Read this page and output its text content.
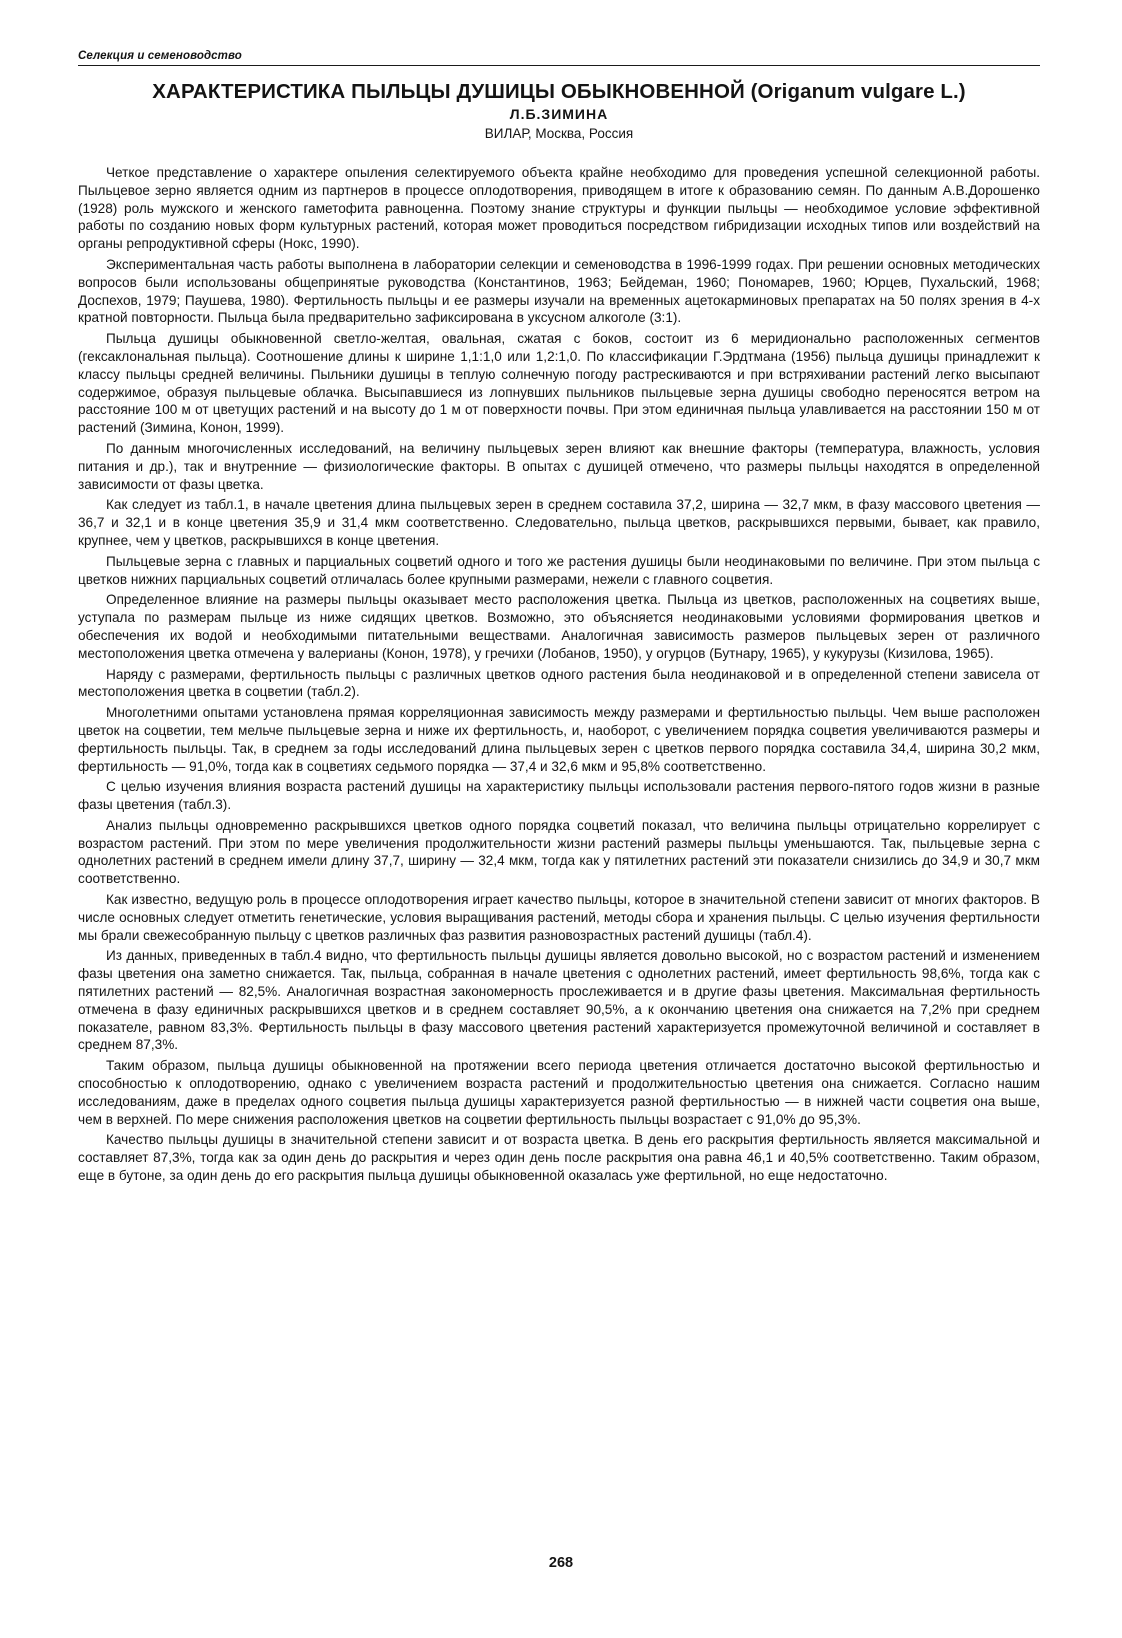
Селекция и семеноводство
ХАРАКТЕРИСТИКА ПЫЛЬЦЫ ДУШИЦЫ ОБЫКНОВЕННОЙ (Origanum vulgare L.)
Л.Б.ЗИМИНА
ВИЛАР, Москва, Россия

Четкое представление о характере опыления селектируемого объекта крайне необходимо для проведения успешной селекционной работы. Пыльцевое зерно является одним из партнеров в процессе оплодотворения, приводящем в итоге к образованию семян. По данным А.В.Дорошенко (1928) роль мужского и женского гаметофита равноценна. Поэтому знание структуры и функции пыльцы — необходимое условие эффективной работы по созданию новых форм культурных растений, которая может проводиться посредством гибридизации исходных типов или воздействий на органы репродуктивной сферы (Нокс, 1990).

Экспериментальная часть работы выполнена в лаборатории селекции и семеноводства в 1996-1999 годах. При решении основных методических вопросов были использованы общепринятые руководства (Константинов, 1963; Бейдеман, 1960; Пономарев, 1960; Юрцев, Пухальский, 1968; Доспехов, 1979; Паушева, 1980). Фертильность пыльцы и ее размеры изучали на временных ацетокарминовых препаратах на 50 полях зрения в 4-х кратной повторности. Пыльца была предварительно зафиксирована в уксусном алкоголе (3:1).

Пыльца душицы обыкновенной светло-желтая, овальная, сжатая с боков, состоит из 6 меридионально расположенных сегментов (гексаклональная пыльца). Соотношение длины к ширине 1,1:1,0 или 1,2:1,0. По классификации Г.Эрдтмана (1956) пыльца душицы принадлежит к классу пыльцы средней величины. Пыльники душицы в теплую солнечную погоду растрескиваются и при встряхивании растений легко высыпают содержимое, образуя пыльцевые облачка. Высыпавшиеся из лопнувших пыльников пыльцевые зерна душицы свободно переносятся ветром на расстояние 100 м от цветущих растений и на высоту до 1 м от поверхности почвы. При этом единичная пыльца улавливается на расстоянии 150 м от растений (Зимина, Конон, 1999).

По данным многочисленных исследований, на величину пыльцевых зерен влияют как внешние факторы (температура, влажность, условия питания и др.), так и внутренние — физиологические факторы. В опытах с душицей отмечено, что размеры пыльцы находятся в определенной зависимости от фазы цветка.

Как следует из табл.1, в начале цветения длина пыльцевых зерен в среднем составила 37,2, ширина — 32,7 мкм, в фазу массового цветения — 36,7 и 32,1 и в конце цветения 35,9 и 31,4 мкм соответственно. Следовательно, пыльца цветков, раскрывшихся первыми, бывает, как правило, крупнее, чем у цветков, раскрывшихся в конце цветения.

Пыльцевые зерна с главных и парциальных соцветий одного и того же растения душицы были неодинаковыми по величине. При этом пыльца с цветков нижних парциальных соцветий отличалась более крупными размерами, нежели с главного соцветия.

Определенное влияние на размеры пыльцы оказывает место расположения цветка. Пыльца из цветков, расположенных на соцветиях выше, уступала по размерам пыльце из ниже сидящих цветков. Возможно, это объясняется неодинаковыми условиями формирования цветков и обеспечения их водой и необходимыми питательными веществами. Аналогичная зависимость размеров пыльцевых зерен от различного местоположения цветка отмечена у валерианы (Конон, 1978), у гречихи (Лобанов, 1950), у огурцов (Бутнару, 1965), у кукурузы (Кизилова, 1965).

Наряду с размерами, фертильность пыльцы с различных цветков одного растения была неодинаковой и в определенной степени зависела от местоположения цветка в соцветии (табл.2).

Многолетними опытами установлена прямая корреляционная зависимость между размерами и фертильностью пыльцы. Чем выше расположен цветок на соцветии, тем мельче пыльцевые зерна и ниже их фертильность, и, наоборот, с увеличением порядка соцветия увеличиваются размеры и фертильность пыльцы. Так, в среднем за годы исследований длина пыльцевых зерен с цветков первого порядка составила 34,4, ширина 30,2 мкм, фертильность — 91,0%, тогда как в соцветиях седьмого порядка — 37,4 и 32,6 мкм и 95,8% соответственно.

С целью изучения влияния возраста растений душицы на характеристику пыльцы использовали растения первого-пятого годов жизни в разные фазы цветения (табл.3).

Анализ пыльцы одновременно раскрывшихся цветков одного порядка соцветий показал, что величина пыльцы отрицательно коррелирует с возрастом растений. При этом по мере увеличения продолжительности жизни растений размеры пыльцы уменьшаются. Так, пыльцевые зерна с однолетних растений в среднем имели длину 37,7, ширину — 32,4 мкм, тогда как у пятилетних растений эти показатели снизились до 34,9 и 30,7 мкм соответственно.

Как известно, ведущую роль в процессе оплодотворения играет качество пыльцы, которое в значительной степени зависит от многих факторов. В числе основных следует отметить генетические, условия выращивания растений, методы сбора и хранения пыльцы. С целью изучения фертильности мы брали свежесобранную пыльцу с цветков различных фаз развития разновозрастных растений душицы (табл.4).

Из данных, приведенных в табл.4 видно, что фертильность пыльцы душицы является довольно высокой, но с возрастом растений и изменением фазы цветения она заметно снижается. Так, пыльца, собранная в начале цветения с однолетних растений, имеет фертильность 98,6%, тогда как с пятилетних растений — 82,5%. Аналогичная возрастная закономерность прослеживается и в другие фазы цветения. Максимальная фертильность отмечена в фазу единичных раскрывшихся цветков и в среднем составляет 90,5%, а к окончанию цветения она снижается на 7,2% при среднем показателе, равном 83,3%. Фертильность пыльцы в фазу массового цветения растений характеризуется промежуточной величиной и составляет в среднем 87,3%.

Таким образом, пыльца душицы обыкновенной на протяжении всего периода цветения отличается достаточно высокой фертильностью и способностью к оплодотворению, однако с увеличением возраста растений и продолжительностью цветения она снижается. Согласно нашим исследованиям, даже в пределах одного соцветия пыльца душицы характеризуется разной фертильностью — в нижней части соцветия она выше, чем в верхней. По мере снижения расположения цветков на соцветии фертильность пыльцы возрастает с 91,0% до 95,3%.

Качество пыльцы душицы в значительной степени зависит и от возраста цветка. В день его раскрытия фертильность является максимальной и составляет 87,3%, тогда как за один день до раскрытия и через один день после раскрытия она равна 46,1 и 40,5% соответственно. Таким образом, еще в бутоне, за один день до его раскрытия пыльца душицы обыкновенной оказалась уже фертильной, но еще недостаточно.

268
